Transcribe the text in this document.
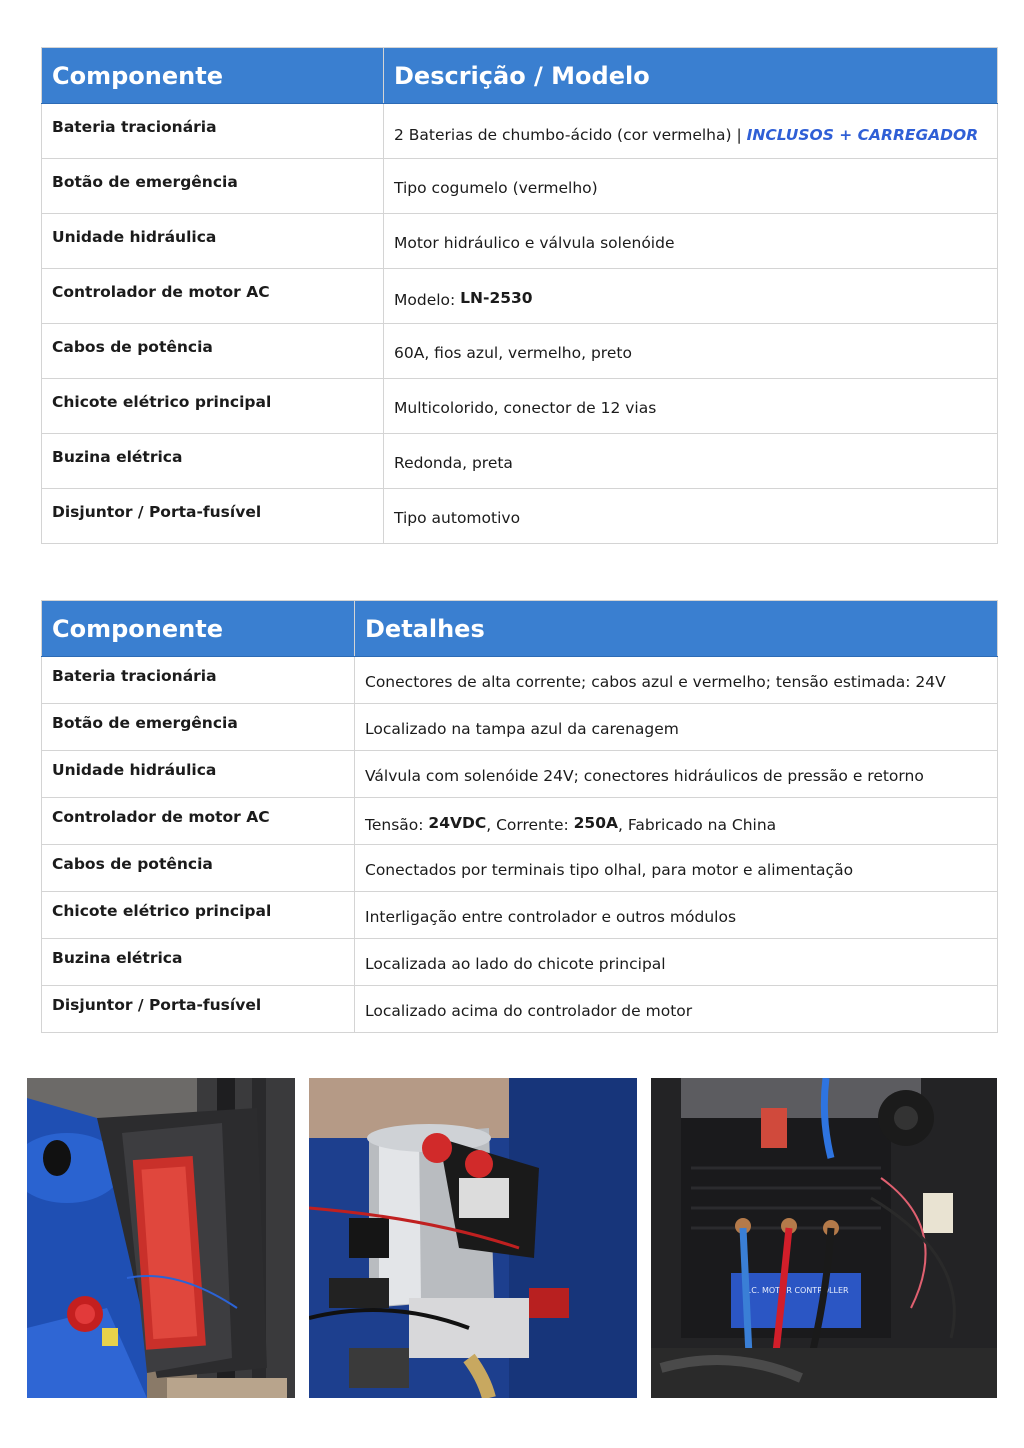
Componente	Descrição / Modelo
Bateria tracionária	2 Baterias de chumbo-ácido (cor vermelha) | INCLUSOS + CARREGADOR
Botão de emergência	Tipo cogumelo (vermelho)
Unidade hidráulica	Motor hidráulico e válvula solenóide
Controlador de motor AC	Modelo: LN-2530
Cabos de potência	60A, fios azul, vermelho, preto
Chicote elétrico principal	Multicolorido, conector de 12 vias
Buzina elétrica	Redonda, preta
Disjuntor / Porta-fusível	Tipo automotivo
Componente	Detalhes
Bateria tracionária	Conectores de alta corrente; cabos azul e vermelho; tensão estimada: 24V
Botão de emergência	Localizado na tampa azul da carenagem
Unidade hidráulica	Válvula com solenóide 24V; conectores hidráulicos de pressão e retorno
Controlador de motor AC	Tensão: 24VDC, Corrente: 250A, Fabricado na China
Cabos de potência	Conectados por terminais tipo olhal, para motor e alimentação
Chicote elétrico principal	Interligação entre controlador e outros módulos
Buzina elétrica	Localizada ao lado do chicote principal
Disjuntor / Porta-fusível	Localizado acima do controlador de motor
A.C. MOTOR CONTROLLER
